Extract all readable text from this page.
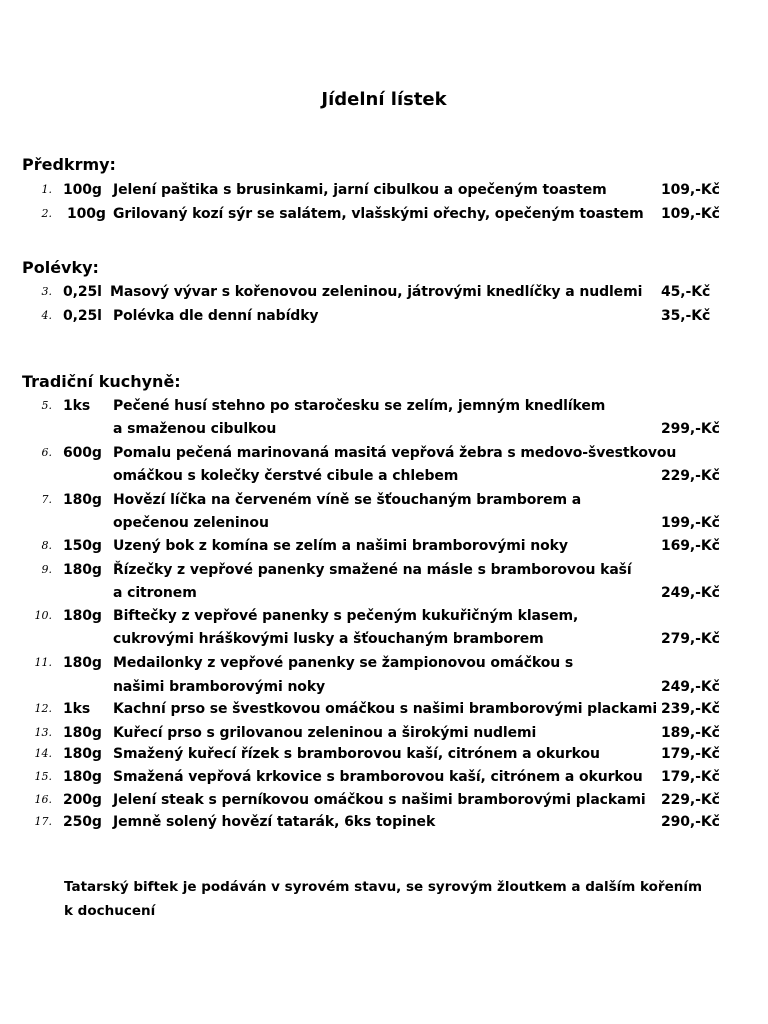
Jídelní lístek
Předkrmy:
Polévky:
Tradiční kuchyně:
1. 100g Jelení paštika s brusinkami, jarní cibulkou a opečeným toastem	109,-Kč
2. 100g Grilovaný kozí sýr se salátem, vlašskými ořechy, opečeným toastem 109,-Kč
3. 0,25l Masový vývar s kořenovou zeleninou, játrovými knedlíčky a nudlemi 45,-Kč
4. 0,25l Polévka dle denní nabídky	35,-Kč
5. 1ks Pečené husí stehno po staročesku se zelím, jemným knedlíkem
a smaženou cibulkou	299,-Kč
6. 600g Pomalu pečená marinovaná masitá vepřová žebra s medovo-švestkovou
omáčkou s kolečky čerstvé cibule a chlebem	229,-Kč
7. 180g Hovězí líčka na červeném víně se šťouchaným bramborem a
opečenou zeleninou	199,-Kč
8. 150g Uzený bok z komína se zelím a našimi bramborovými noky	169,-Kč
9. 180g Řízečky z vepřové panenky smažené na másle s bramborovou kaší
a citronem	249,-Kč
10. 180g Biftečky z vepřové panenky s pečeným kukuřičným klasem,
cukrovými hráškovými lusky a šťouchaným bramborem	279,-Kč
11. 180g Medailonky z vepřové panenky se žampionovou omáčkou s
našimi bramborovými noky	249,-Kč
12. 1ks Kachní prso se švestkovou omáčkou s našimi bramborovými plackami 239,-Kč
13. 180g Kuřecí prso s grilovanou zeleninou a širokými nudlemi	189,-Kč
14. 180g Smažený kuřecí řízek s bramborovou kaší, citrónem a okurkou	179,-Kč
15. 180g Smažená vepřová krkovice s bramborovou kaší, citrónem a okurkou 179,-Kč
16. 200g Jelení steak s perníkovou omáčkou s našimi bramborovými plackami 229,-Kč
17. 250g Jemně solený hovězí tatarák, 6ks topinek	290,-Kč
Tatarský biftek je podáván v syrovém stavu, se syrovým žloutkem a dalším kořením
k dochucení
